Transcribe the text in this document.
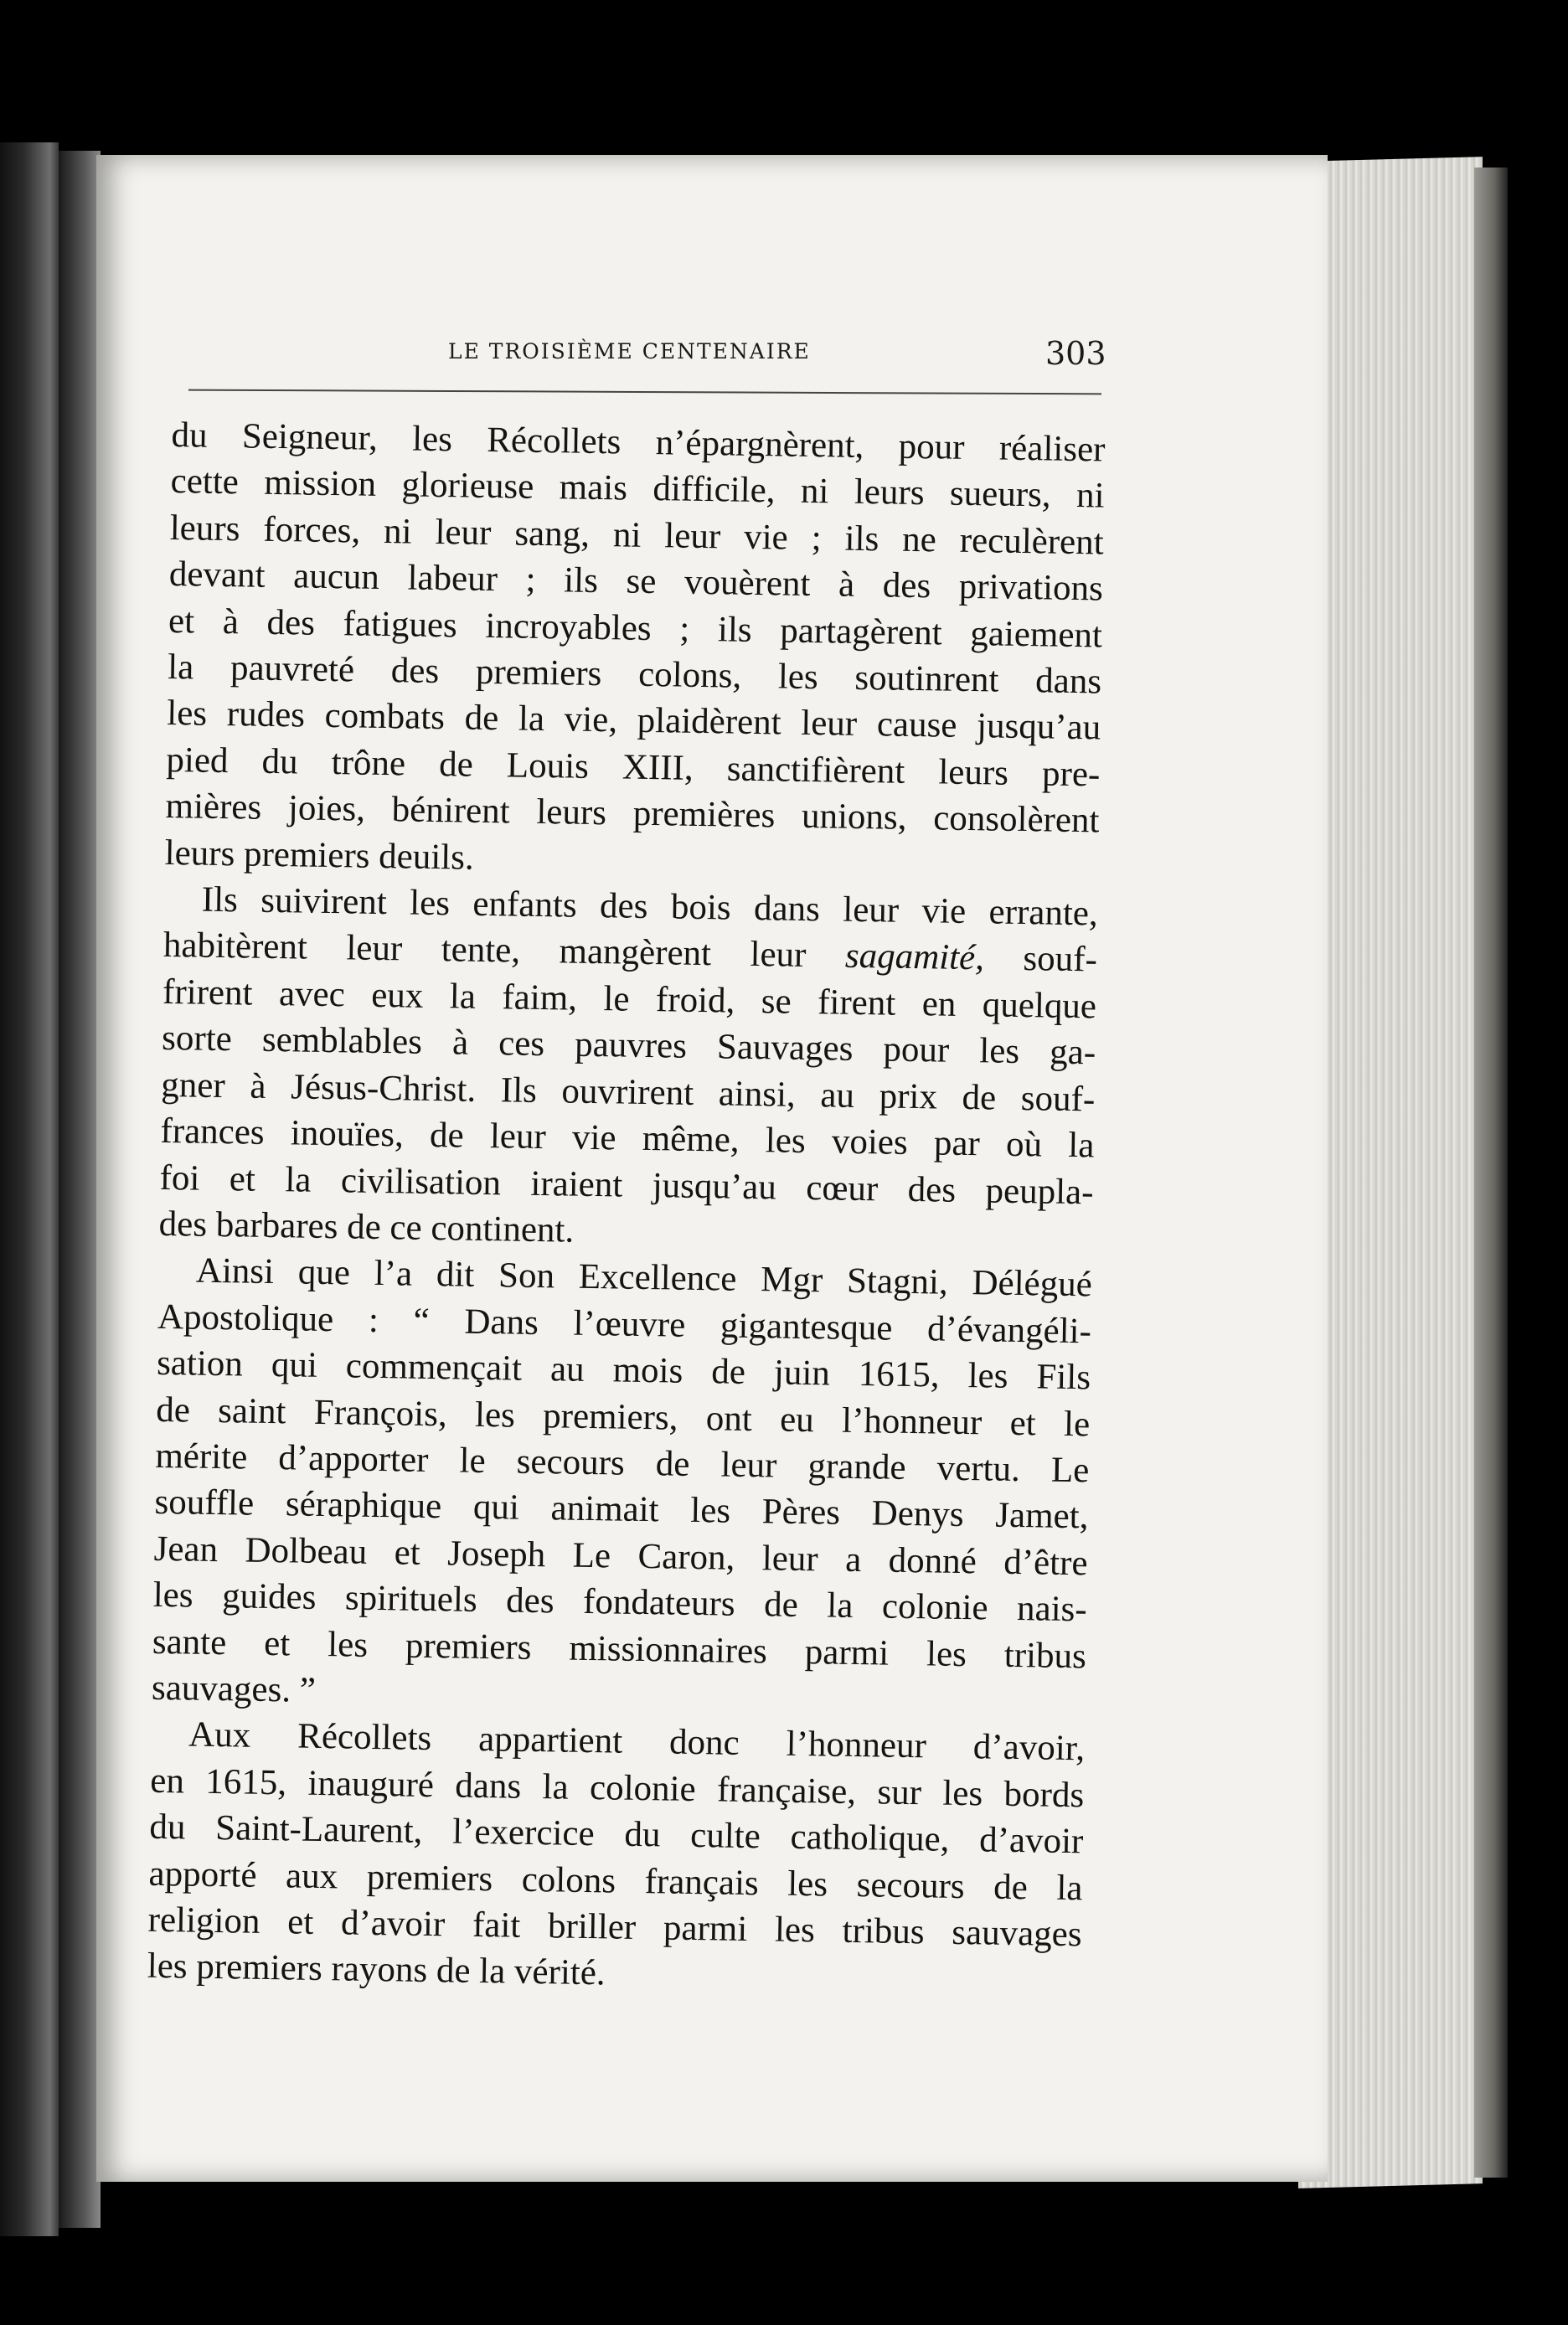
LE TROISIÈME CENTENAIRE	303
du Seigneur, les Récollets n’épargnèrent, pour réaliser
cette mission glorieuse mais difficile, ni leurs sueurs, ni
leurs forces, ni leur sang, ni leur vie ; ils ne reculèrent
devant aucun labeur ; ils se vouèrent à des privations
et à des fatigues incroyables ; ils partagèrent gaiement
la pauvreté des premiers colons, les soutinrent dans
les rudes combats de la vie, plaidèrent leur cause jusqu’au
pied du trône de Louis XIII, sanctifièrent leurs pre-
mières joies, bénirent leurs premières unions, consolèrent
leurs premiers deuils.
Ils suivirent les enfants des bois dans leur vie errante,
habitèrent leur tente, mangèrent leur sagamité, souf-
frirent avec eux la faim, le froid, se firent en quelque
sorte semblables à ces pauvres Sauvages pour les ga-
gner à Jésus-Christ. Ils ouvrirent ainsi, au prix de souf-
frances inouïes, de leur vie même, les voies par où la
foi et la civilisation iraient jusqu’au cœur des peupla-
des barbares de ce continent.
Ainsi que l’a dit Son Excellence Mgr Stagni, Délégué
Apostolique : “ Dans l’œuvre gigantesque d’évangéli-
sation qui commençait au mois de juin 1615, les Fils
de saint François, les premiers, ont eu l’honneur et le
mérite d’apporter le secours de leur grande vertu. Le
souffle séraphique qui animait les Pères Denys Jamet,
Jean Dolbeau et Joseph Le Caron, leur a donné d’être
les guides spirituels des fondateurs de la colonie nais-
sante et les premiers missionnaires parmi les tribus
sauvages. ”
Aux Récollets appartient donc l’honneur d’avoir,
en 1615, inauguré dans la colonie française, sur les bords
du Saint-Laurent, l’exercice du culte catholique, d’avoir
apporté aux premiers colons français les secours de la
religion et d’avoir fait briller parmi les tribus sauvages
les premiers rayons de la vérité.
